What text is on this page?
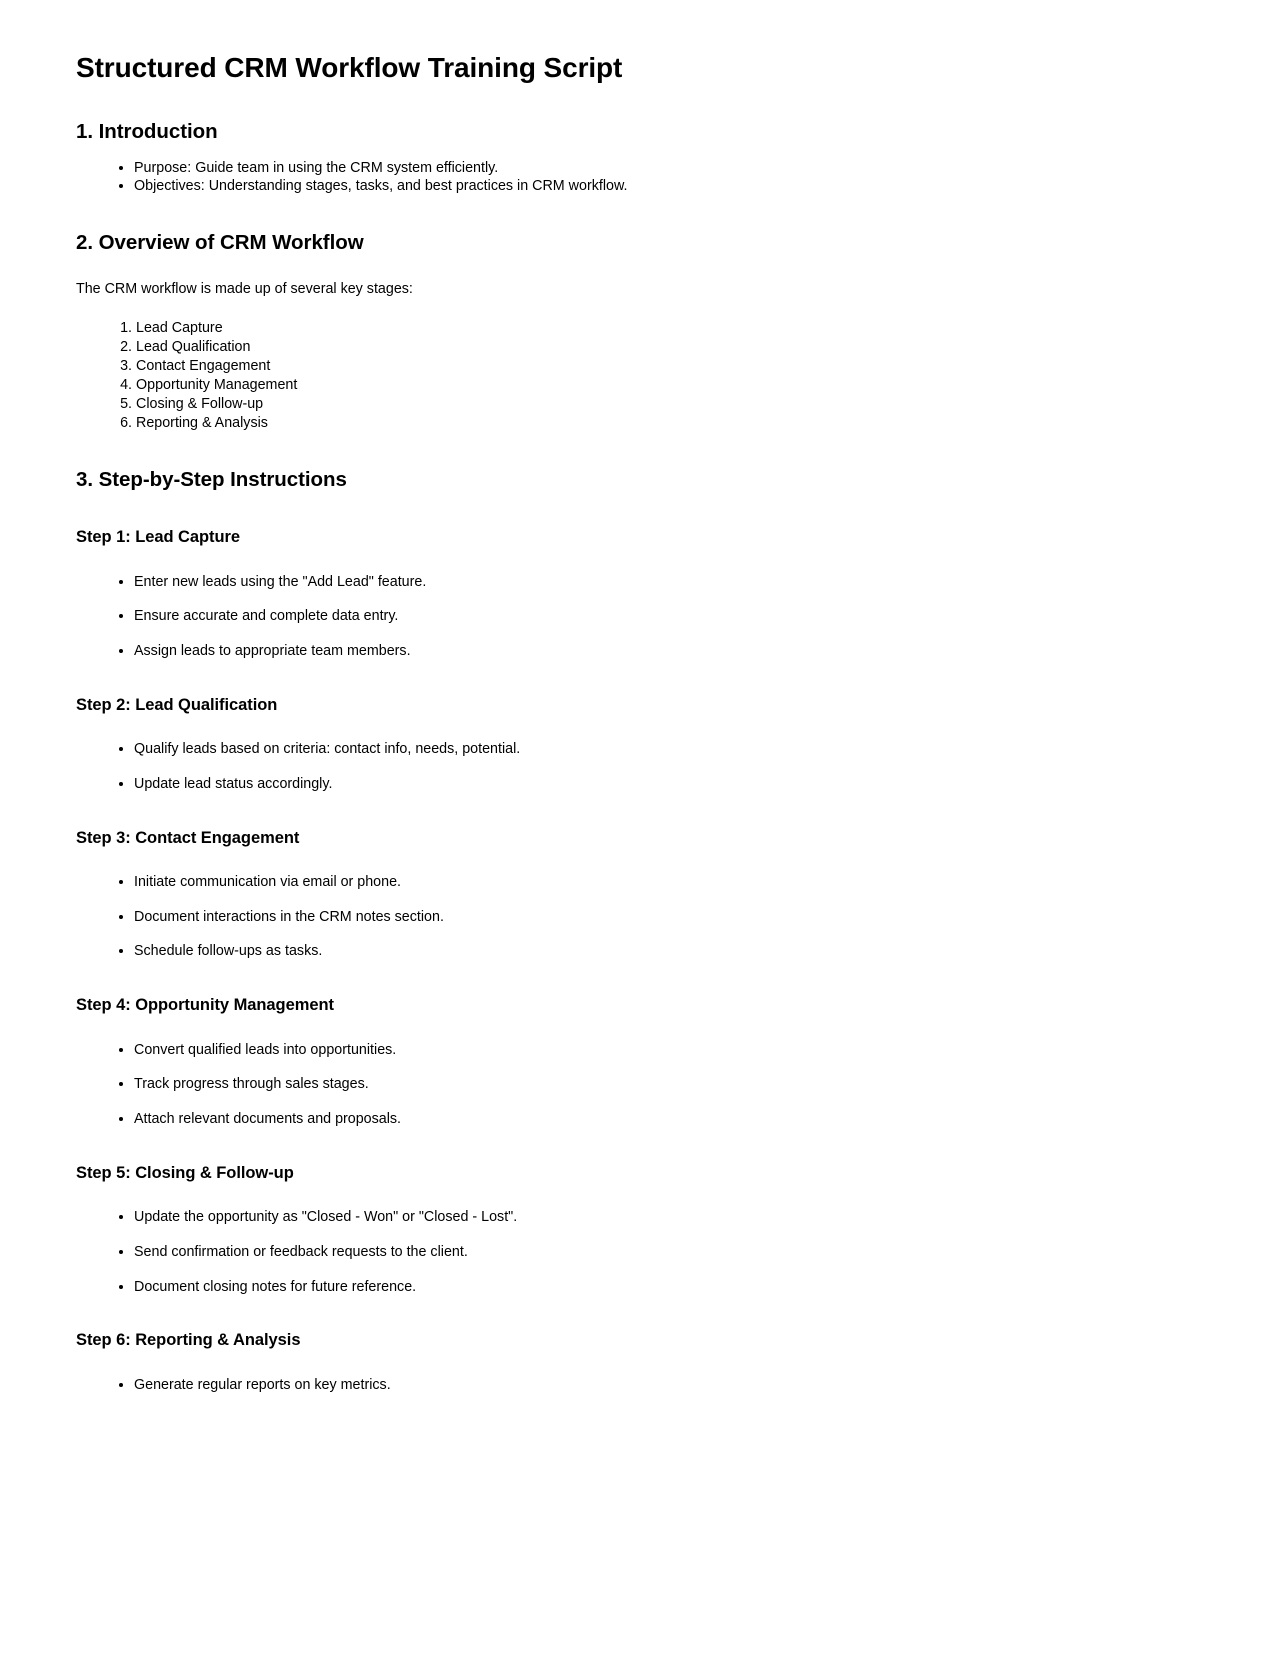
Structured CRM Workflow Training Script
1. Introduction
• Purpose: Guide team in using the CRM system efficiently.
• Objectives: Understanding stages, tasks, and best practices in CRM workflow.
2. Overview of CRM Workflow

The CRM workflow is made up of several key stages:

1. Lead Capture
2. Lead Qualification
3. Contact Engagement
4. Opportunity Management
5. Closing & Follow-up
6. Reporting & Analysis
3. Step-by-Step Instructions
Step 1: Lead Capture
• Enter new leads using the "Add Lead" feature.
• Ensure accurate and complete data entry.
• Assign leads to appropriate team members.
Step 2: Lead Qualification
• Qualify leads based on criteria: contact info, needs, potential.
• Update lead status accordingly.
Step 3: Contact Engagement
• Initiate communication via email or phone.
• Document interactions in the CRM notes section.
• Schedule follow-ups as tasks.
Step 4: Opportunity Management
• Convert qualified leads into opportunities.
• Track progress through sales stages.
• Attach relevant documents and proposals.
Step 5: Closing & Follow-up
• Update the opportunity as "Closed - Won" or "Closed - Lost".
• Send confirmation or feedback requests to the client.
• Document closing notes for future reference.
Step 6: Reporting & Analysis
• Generate regular reports on key metrics.
